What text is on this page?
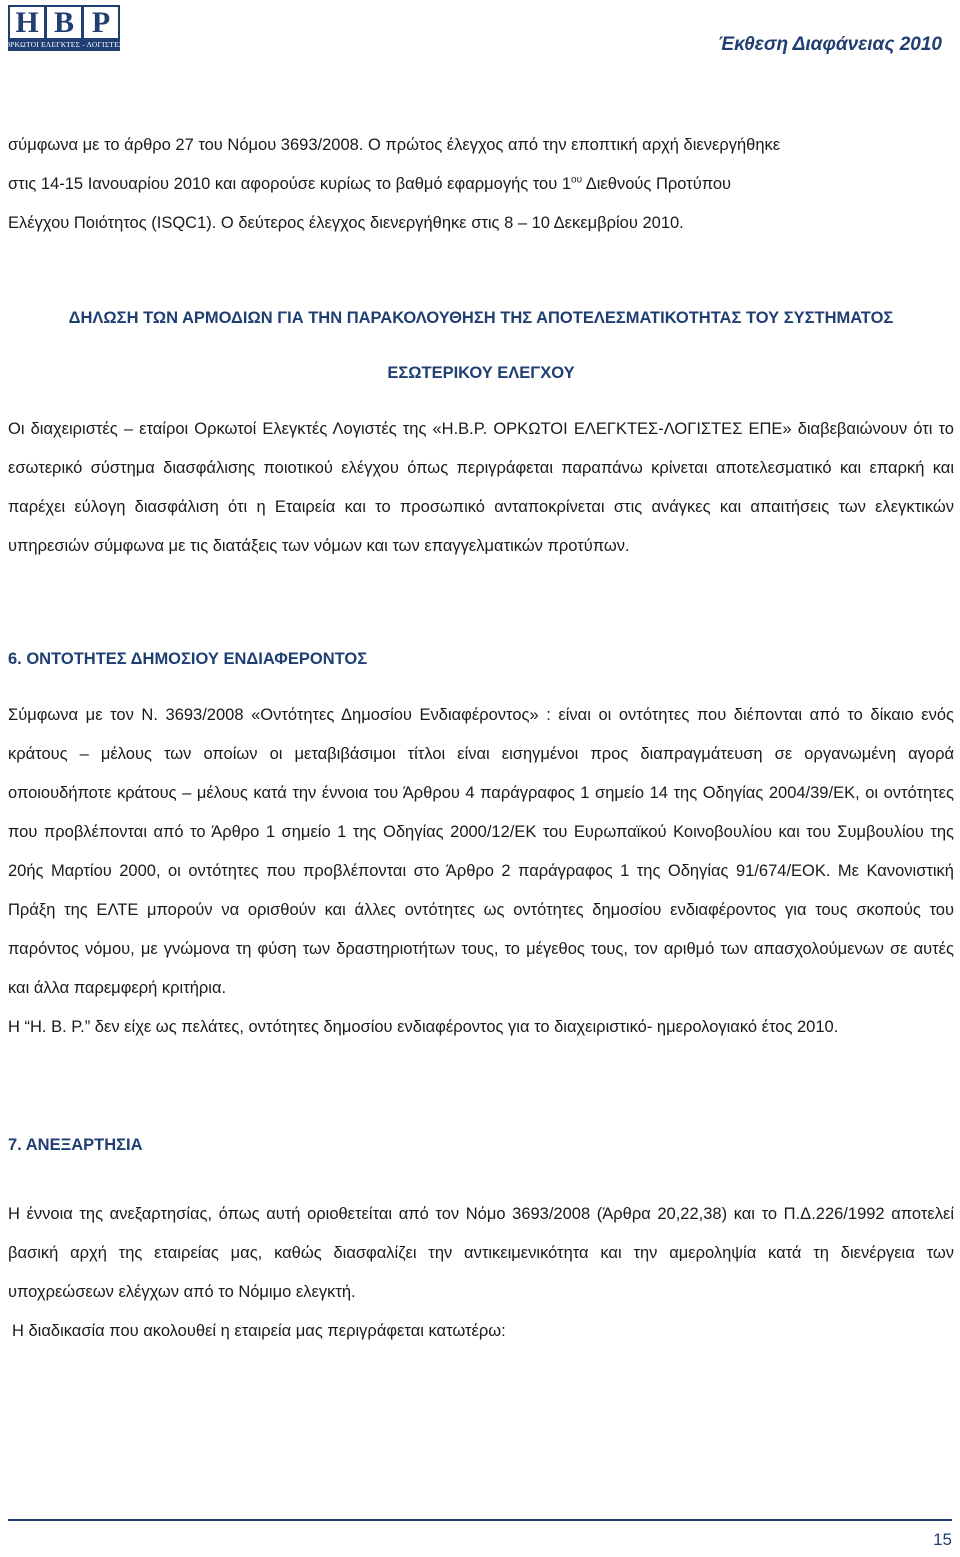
H B P
ΟΡΚΩΤΟΙ ΕΛΕΓΚΤΕΣ - ΛΟΓΙΣΤΕΣ	Έκθεση Διαφάνειας 2010

σύμφωνα με το άρθρο 27 του Νόμου 3693/2008. Ο πρώτος έλεγχος από την εποπτική αρχή διενεργήθηκε

στις 14-15 Ιανουαρίου 2010 και αφορούσε κυρίως το βαθμό εφαρμογής του $1^{o\upsilon}$ Διεθνούς Προτύπου

Ελέγχου Ποιότητος (ISQC1). Ο δεύτερος έλεγχος διενεργήθηκε στις 8 – 10 Δεκεμβρίου 2010.

ΔΗΛΩΣΗ ΤΩΝ ΑΡΜΟΔΙΩΝ ΓΙΑ ΤΗΝ ΠΑΡΑΚΟΛΟΥΘΗΣΗ ΤΗΣ ΑΠΟΤΕΛΕΣΜΑΤΙΚΟΤΗΤΑΣ ΤΟΥ ΣΥΣΤΗΜΑΤΟΣ

ΕΣΩΤΕΡΙΚΟΥ ΕΛΕΓΧΟΥ

Οι διαχειριστές – εταίροι Ορκωτοί Ελεγκτές Λογιστές της «Η.Β.Ρ. ΟΡΚΩΤΟΙ ΕΛΕΓΚΤΕΣ-ΛΟΓΙΣΤΕΣ ΕΠΕ» διαβεβαιώνουν ότι το εσωτερικό σύστημα διασφάλισης ποιοτικού ελέγχου όπως περιγράφεται παραπάνω κρίνεται αποτελεσματικό και επαρκή και παρέχει εύλογη διασφάλιση ότι η Εταιρεία και το προσωπικό ανταποκρίνεται στις ανάγκες και απαιτήσεις των ελεγκτικών υπηρεσιών σύμφωνα με τις διατάξεις των νόμων και των επαγγελματικών προτύπων.

6. ΟΝΤΟΤΗΤΕΣ ΔΗΜΟΣΙΟΥ ΕΝΔΙΑΦΕΡΟΝΤΟΣ

Σύμφωνα με τον Ν. 3693/2008 «Οντότητες Δημοσίου Ενδιαφέροντος» : είναι οι οντότητες που διέπονται από το δίκαιο ενός κράτους – μέλους των οποίων οι μεταβιβάσιμοι τίτλοι είναι εισηγμένοι προς διαπραγμάτευση σε οργανωμένη αγορά οποιουδήποτε κράτους – μέλους κατά την έννοια του Άρθρου 4 παράγραφος 1 σημείο 14 της Οδηγίας 2004/39/ΕΚ, οι οντότητες που προβλέπονται από το Άρθρο 1 σημείο 1 της Οδηγίας 2000/12/ΕΚ του Ευρωπαϊκού Κοινοβουλίου και του Συμβουλίου της 20ής Μαρτίου 2000, οι οντότητες που προβλέπονται στο Άρθρο 2 παράγραφος 1 της Οδηγίας 91/674/ΕΟΚ. Με Κανονιστική Πράξη της ΕΛΤΕ μπορούν να ορισθούν και άλλες οντότητες ως οντότητες δημοσίου ενδιαφέροντος για τους σκοπούς του παρόντος νόμου, με γνώμονα τη φύση των δραστηριοτήτων τους, το μέγεθος τους, τον αριθμό των απασχολούμενων σε αυτές και άλλα παρεμφερή κριτήρια.

Η “Η. Β. Ρ.” δεν είχε ως πελάτες, οντότητες δημοσίου ενδιαφέροντος για το διαχειριστικό- ημερολογιακό έτος 2010.

7. ΑΝΕΞΑΡΤΗΣΙΑ

Η έννοια της ανεξαρτησίας, όπως αυτή οριοθετείται από τον Νόμο 3693/2008 (Άρθρα 20,22,38) και το Π.Δ.226/1992 αποτελεί βασική αρχή της εταιρείας μας, καθώς διασφαλίζει την αντικειμενικότητα και την αμεροληψία κατά τη διενέργεια των υποχρεώσεων ελέγχων από το Νόμιμο ελεγκτή.

Η διαδικασία που ακολουθεί η εταιρεία μας περιγράφεται κατωτέρω:

15
